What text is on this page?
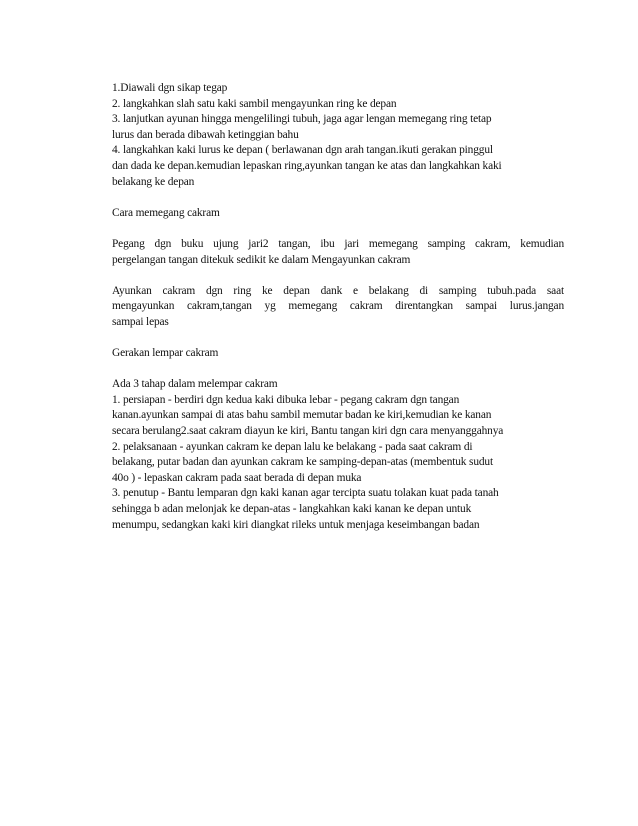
1.Diawali dgn sikap tegap
2. langkahkan slah satu kaki sambil mengayunkan ring ke depan
3. lanjutkan ayunan hingga mengelilingi tubuh, jaga agar lengan memegang ring tetap
lurus dan berada dibawah ketinggian bahu
4. langkahkan kaki lurus ke depan ( berlawanan dgn arah tangan.ikuti gerakan pinggul
dan dada ke depan.kemudian lepaskan ring,ayunkan tangan ke atas dan langkahkan kaki
belakang ke depan
Cara memegang cakram
Pegang dgn buku ujung jari2 tangan, ibu jari memegang samping cakram, kemudian
pergelangan tangan ditekuk sedikit ke dalam Mengayunkan cakram
Ayunkan cakram dgn ring ke depan dank e belakang di samping tubuh.pada saat
mengayunkan cakram,tangan yg memegang cakram direntangkan sampai lurus.jangan
sampai lepas
Gerakan lempar cakram
Ada 3 tahap dalam melempar cakram
1. persiapan - berdiri dgn kedua kaki dibuka lebar - pegang cakram dgn tangan
kanan.ayunkan sampai di atas bahu sambil memutar badan ke kiri,kemudian ke kanan
secara berulang2.saat cakram diayun ke kiri, Bantu tangan kiri dgn cara menyanggahnya
2. pelaksanaan - ayunkan cakram ke depan lalu ke belakang - pada saat cakram di
belakang, putar badan dan ayunkan cakram ke samping-depan-atas (membentuk sudut
40o ) - lepaskan cakram pada saat berada di depan muka
3. penutup - Bantu lemparan dgn kaki kanan agar tercipta suatu tolakan kuat pada tanah
sehingga b adan melonjak ke depan-atas - langkahkan kaki kanan ke depan untuk
menumpu, sedangkan kaki kiri diangkat rileks untuk menjaga keseimbangan badan
